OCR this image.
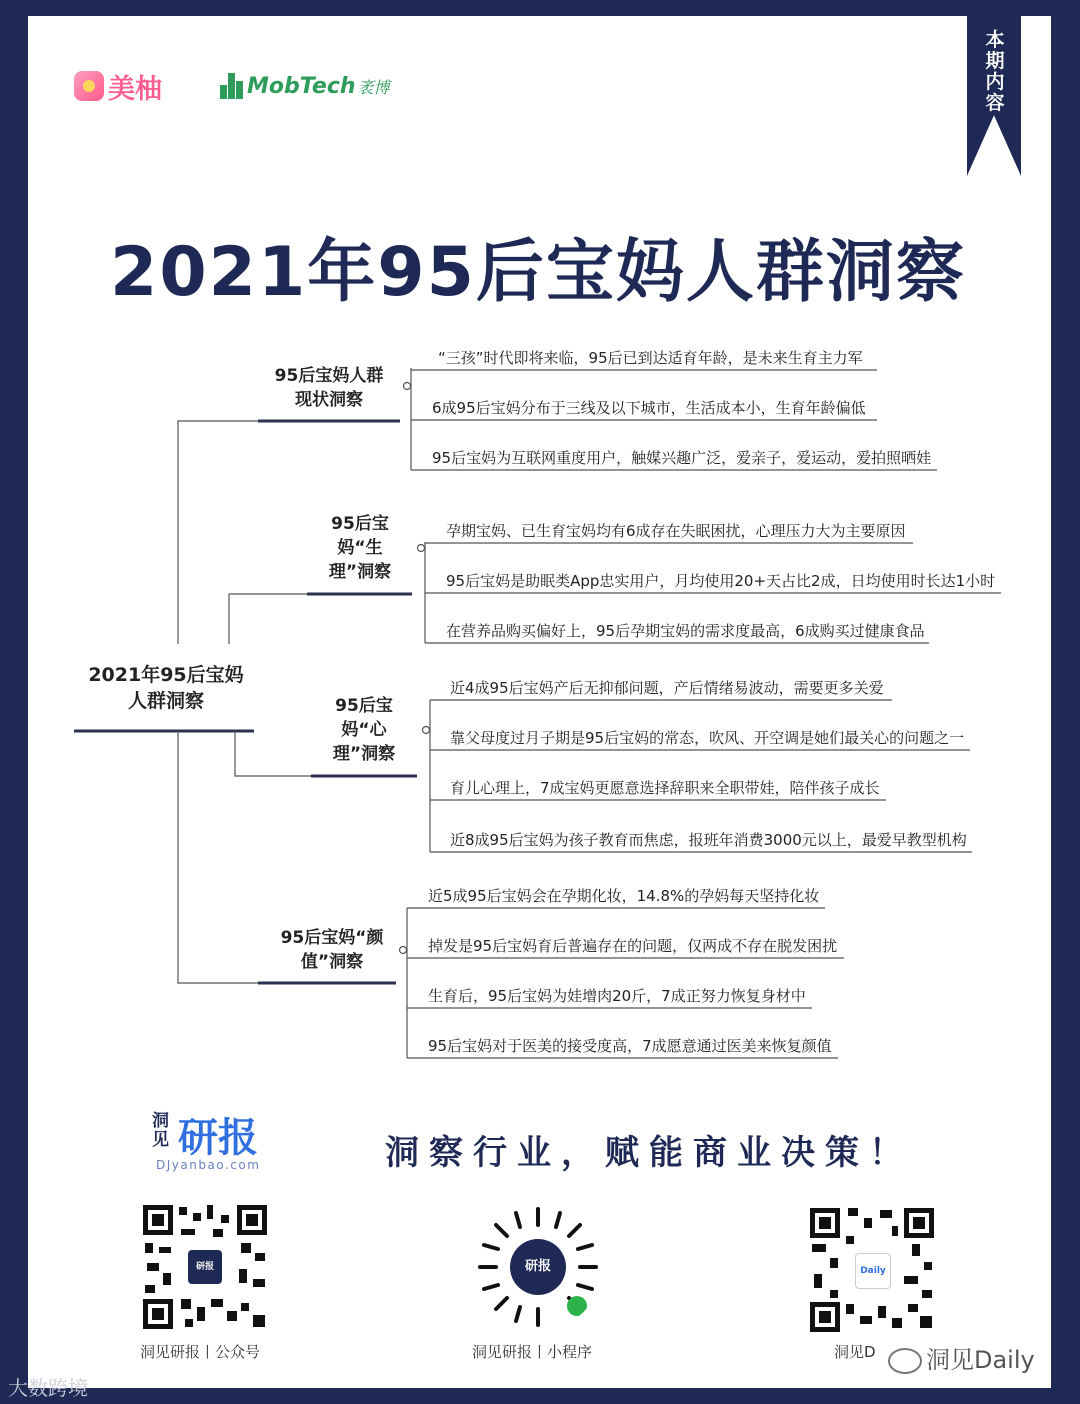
美柚	MobTech 袤博
本期内容
2021年95后宝妈人群洞察
2021年95后宝妈人群洞察
95后宝妈人群现状洞察
95后宝妈“生理”洞察
95后宝妈“心理”洞察
95后宝妈“颜值”洞察
“三孩”时代即将来临，95后已到达适育年龄，是未来生育主力军
6成95后宝妈分布于三线及以下城市，生活成本小，生育年龄偏低
95后宝妈为互联网重度用户，触媒兴趣广泛，爱亲子，爱运动，爱拍照晒娃
孕期宝妈、已生育宝妈均有6成存在失眠困扰，心理压力大为主要原因
95后宝妈是助眠类App忠实用户，月均使用20+天占比2成，日均使用时长达1小时
在营养品购买偏好上，95后孕期宝妈的需求度最高，6成购买过健康食品
近4成95后宝妈产后无抑郁问题，产后情绪易波动，需要更多关爱
靠父母度过月子期是95后宝妈的常态，吹风、开空调是她们最关心的问题之一
育儿心理上，7成宝妈更愿意选择辞职来全职带娃，陪伴孩子成长
近8成95后宝妈为孩子教育而焦虑，报班年消费3000元以上，最爱早教型机构
近5成95后宝妈会在孕期化妆，14.8%的孕妈每天坚持化妆
掉发是95后宝妈育后普遍存在的问题，仅两成不存在脱发困扰
生育后，95后宝妈为娃增肉20斤，7成正努力恢复身材中
95后宝妈对于医美的接受度高，7成愿意通过医美来恢复颜值
洞见 研报
DJyanbao.com	洞察行业，赋能商业决策！
研报
洞见研报丨公众号
研报
洞见研报丨小程序
Daily
洞见D	洞见Daily
大数跨境
